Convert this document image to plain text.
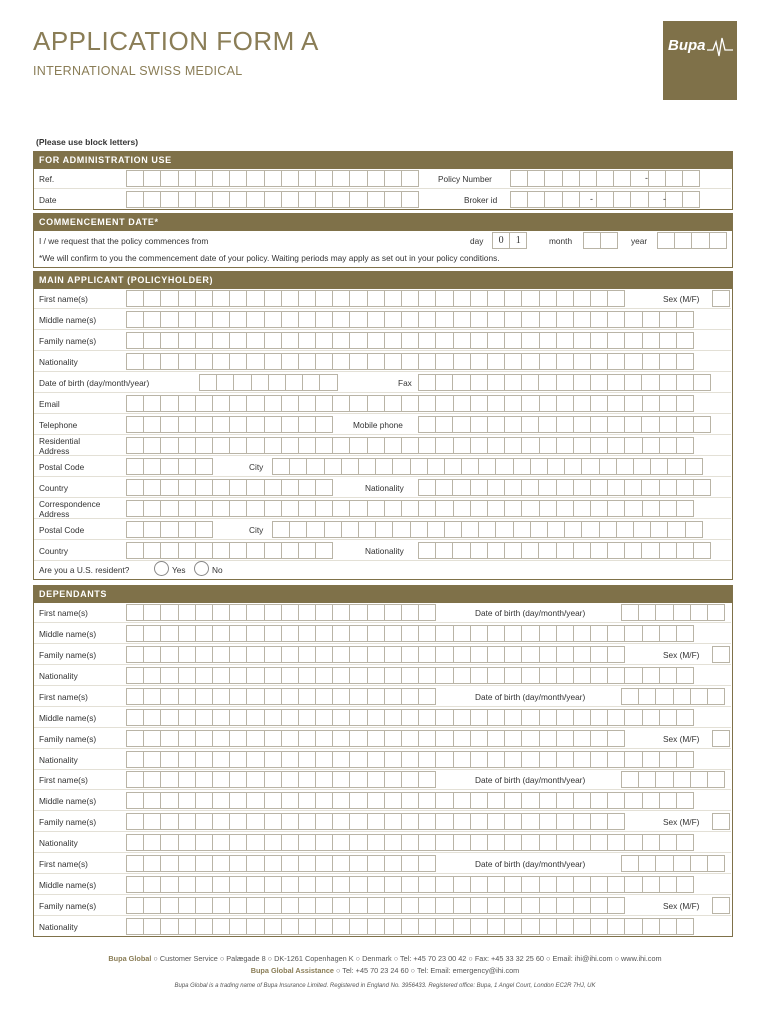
APPLICATION FORM A
INTERNATIONAL SWISS MEDICAL
Bupa
(Please use block letters)
FOR ADMINISTRATION USE
Ref.	Policy Number	-
Date	Broker id	-	-
COMMENCEMENT DATE*
I / we request that the policy commences from	day	0	1	month	year
*We will confirm to you the commencement date of your policy. Waiting periods may apply as set out in your policy conditions.
MAIN APPLICANT (POLICYHOLDER)
First name(s)	Sex (M/F)
Middle name(s)
Family name(s)
Nationality
Date of birth (day/month/year)	Fax
Email
Telephone	Mobile phone
Residential
Address
Postal Code	City
Country	Nationality
Correspondence
Address
Postal Code	City
Country	Nationality
Are you a U.S. resident?	Yes	No
DEPENDANTS
First name(s)	Date of birth (day/month/year)
Middle name(s)
Family name(s)	Sex (M/F)
Nationality
First name(s)	Date of birth (day/month/year)
Middle name(s)
Family name(s)	Sex (M/F)
Nationality
First name(s)	Date of birth (day/month/year)
Middle name(s)
Family name(s)	Sex (M/F)
Nationality
First name(s)	Date of birth (day/month/year)
Middle name(s)
Family name(s)	Sex (M/F)
Nationality
Bupa Global ○ Customer Service ○ Palægade 8 ○ DK-1261 Copenhagen K ○ Denmark ○ Tel: +45 70 23 00 42 ○ Fax: +45 33 32 25 60 ○ Email: ihi@ihi.com ○ www.ihi.com
Bupa Global Assistance ○ Tel: +45 70 23 24 60 ○ Tel: Email: emergency@ihi.com
Bupa Global is a trading name of Bupa Insurance Limited. Registered in England No. 3956433. Registered office: Bupa, 1 Angel Court, London EC2R 7HJ, UK
